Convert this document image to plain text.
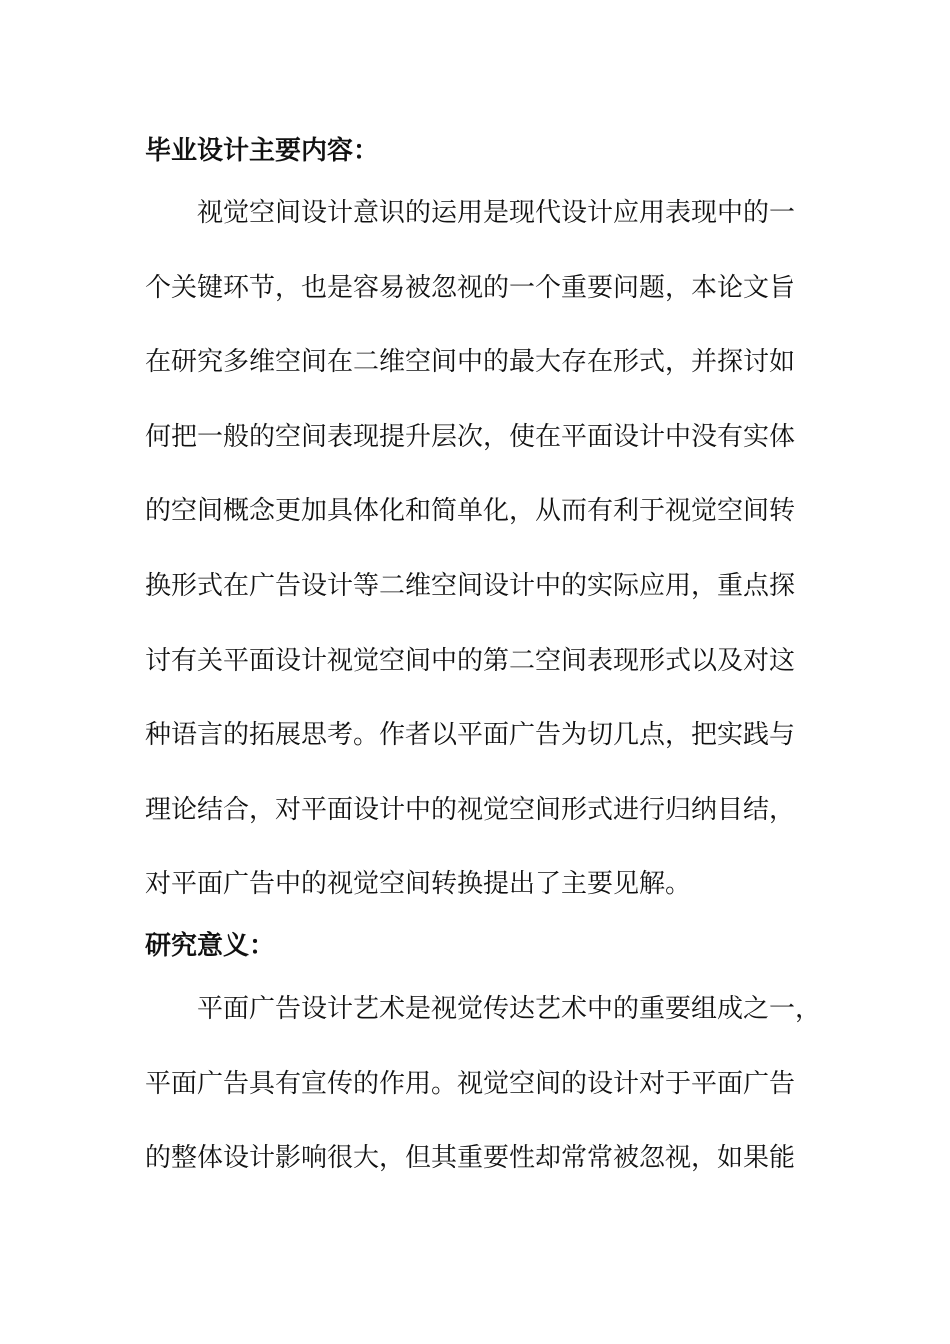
毕业设计主要内容：
视觉空间设计意识的运用是现代设计应用表现中的一
个关键环节，也是容易被忽视的一个重要问题，本论文旨
在研究多维空间在二维空间中的最大存在形式，并探讨如
何把一般的空间表现提升层次，使在平面设计中没有实体
的空间概念更加具体化和简单化，从而有利于视觉空间转
换形式在广告设计等二维空间设计中的实际应用，重点探
讨有关平面设计视觉空间中的第二空间表现形式以及对这
种语言的拓展思考。作者以平面广告为切几点，把实践与
理论结合，对平面设计中的视觉空间形式进行归纳目结，
对平面广告中的视觉空间转换提出了主要见解。
研究意义：
平面广告设计艺术是视觉传达艺术中的重要组成之一，
平面广告具有宣传的作用。视觉空间的设计对于平面广告
的整体设计影响很大，但其重要性却常常被忽视，如果能
